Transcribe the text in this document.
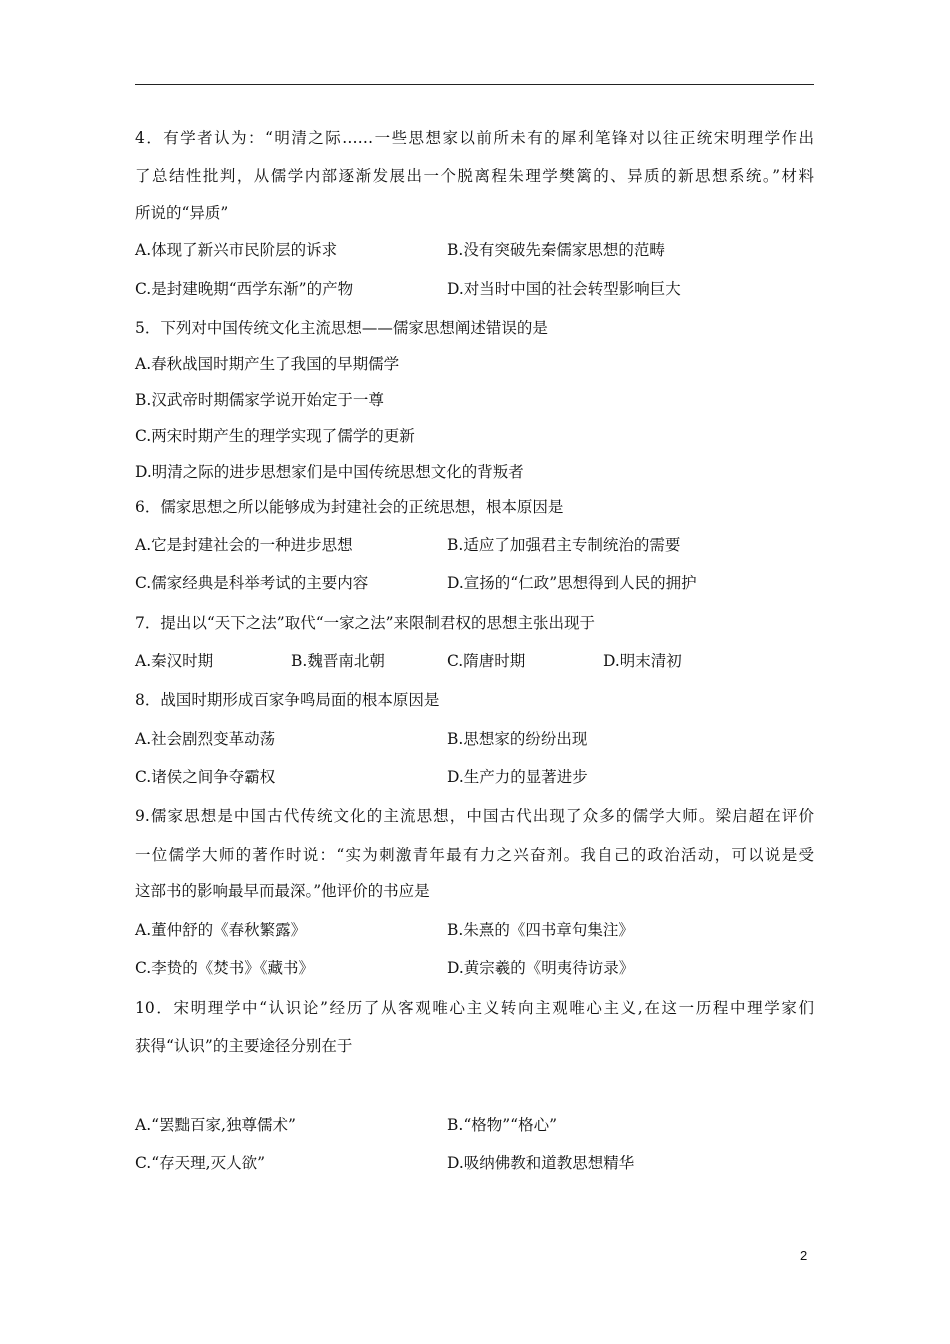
4．有学者认为：“明清之际……一些思想家以前所未有的犀利笔锋对以往正统宋明理学作出
了总结性批判，从儒学内部逐渐发展出一个脱离程朱理学樊篱的、异质的新思想系统。”材料
所说的“异质”
A.体现了新兴市民阶层的诉求	B.没有突破先秦儒家思想的范畴
C.是封建晚期“西学东渐”的产物	D.对当时中国的社会转型影响巨大
5．下列对中国传统文化主流思想——儒家思想阐述错误的是
A.春秋战国时期产生了我国的早期儒学
B.汉武帝时期儒家学说开始定于一尊
C.两宋时期产生的理学实现了儒学的更新
D.明清之际的进步思想家们是中国传统思想文化的背叛者
6．儒家思想之所以能够成为封建社会的正统思想，根本原因是
A.它是封建社会的一种进步思想	B.适应了加强君主专制统治的需要
C.儒家经典是科举考试的主要内容	D.宣扬的“仁政”思想得到人民的拥护
7．提出以“天下之法”取代“一家之法”来限制君权的思想主张出现于
A.秦汉时期	B.魏晋南北朝	C.隋唐时期	D.明末清初
8．战国时期形成百家争鸣局面的根本原因是
A.社会剧烈变革动荡	B.思想家的纷纷出现
C.诸侯之间争夺霸权	D.生产力的显著进步
9.儒家思想是中国古代传统文化的主流思想，中国古代出现了众多的儒学大师。梁启超在评价
一位儒学大师的著作时说：“实为刺激青年最有力之兴奋剂。我自己的政治活动，可以说是受
这部书的影响最早而最深。”他评价的书应是
A.董仲舒的《春秋繁露》	B.朱熹的《四书章句集注》
C.李贽的《焚书》《藏书》	D.黄宗羲的《明夷待访录》
10．宋明理学中“认识论”经历了从客观唯心主义转向主观唯心主义,在这一历程中理学家们
获得“认识”的主要途径分别在于
A.“罢黜百家,独尊儒术”	B.“格物”“格心”
C.“存天理,灭人欲”	D.吸纳佛教和道教思想精华
2
